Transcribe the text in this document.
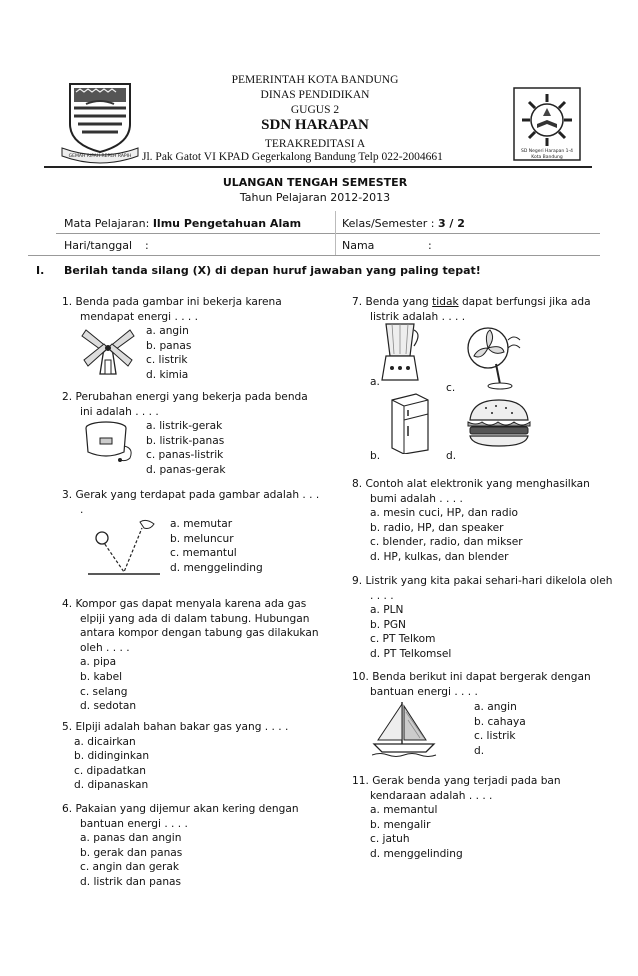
GEMAH RIPAH REPEH RAPIH
PEMERINTAH KOTA BANDUNG
DINAS PENDIDIKAN
GUGUS 2
SDN HARAPAN
TERAKREDITASI A
Jl. Pak Gatot VI KPAD Gegerkalong Bandung Telp 022-2004661	SD Negeri Harapan 1-4
Kota Bandung
ULANGAN TENGAH SEMESTER
Tahun Pelajaran 2012-2013
Mata Pelajaran: Ilmu Pengetahuan Alam	Kelas/Semester : 3 / 2
Hari/tanggal :	Nama	:
I. Berilah tanda silang (X) di depan huruf jawaban yang paling tepat!
1. Benda pada gambar ini bekerja karena
mendapat energi . . . .
a. angin
b. panas
c. listrik
d. kimia
2. Perubahan energi yang bekerja pada benda
ini adalah . . . .
a. listrik-gerak
b. listrik-panas
c. panas-listrik
d. panas-gerak
3. Gerak yang terdapat pada gambar adalah . . .
.
a. memutar
b. meluncur
c. memantul
d. menggelinding
4. Kompor gas dapat menyala karena ada gas
elpiji yang ada di dalam tabung. Hubungan
antara kompor dengan tabung gas dilakukan
oleh . . . .
a. pipa
b. kabel
c. selang
d. sedotan
5. Elpiji adalah bahan bakar gas yang . . . .
a. dicairkan
b. didinginkan
c. dipadatkan
d. dipanaskan
6. Pakaian yang dijemur akan kering dengan
bantuan energi . . . .
a. panas dan angin
b. gerak dan panas
c. angin dan gerak
d. listrik dan panas
7. Benda yang tidak dapat berfungsi jika ada
listrik adalah . . . .
a.	c.
b.	d.
8. Contoh alat elektronik yang menghasilkan
bumi adalah . . . .
a. mesin cuci, HP, dan radio
b. radio, HP, dan speaker
c. blender, radio, dan mikser
d. HP, kulkas, dan blender
9. Listrik yang kita pakai sehari-hari dikelola oleh
. . . .
a. PLN
b. PGN
c. PT Telkom
d. PT Telkomsel
10. Benda berikut ini dapat bergerak dengan
bantuan energi . . . .
a. angin
b. cahaya
c. listrik
d.
11. Gerak benda yang terjadi pada ban
kendaraan adalah . . . .
a. memantul
b. mengalir
c. jatuh
d. menggelinding
